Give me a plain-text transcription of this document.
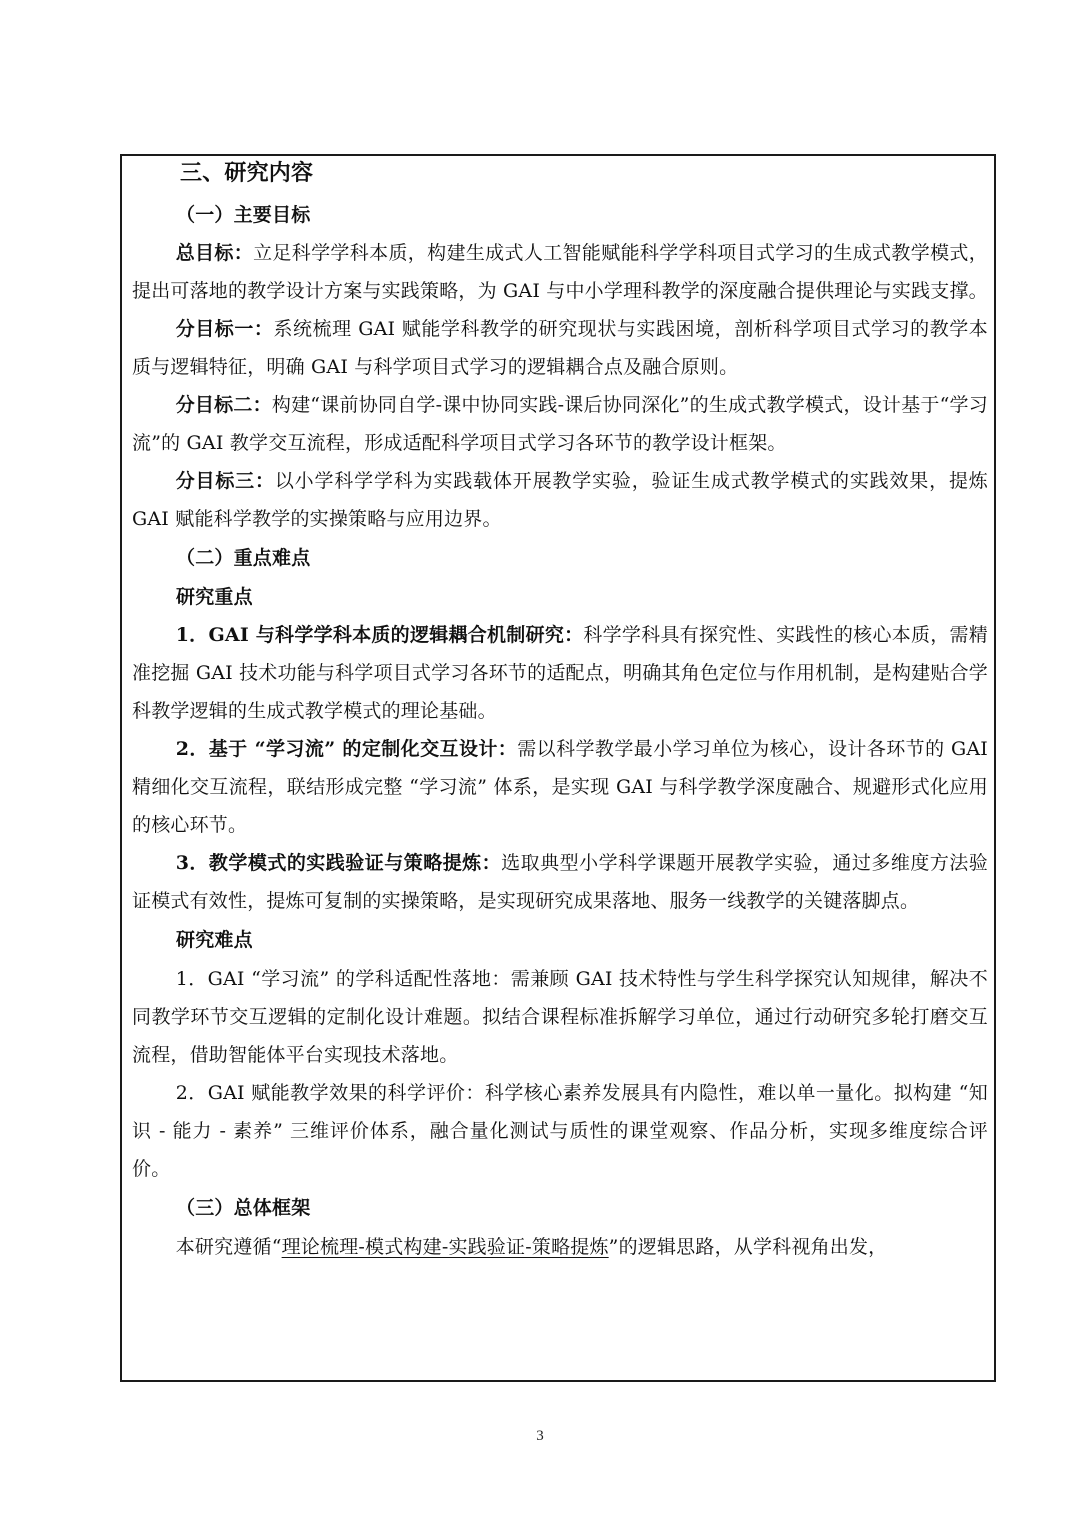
三、研究内容
（一）主要目标

总目标：立足科学学科本质，构建生成式人工智能赋能科学学科项目式学习的生成式教学模式，提出可落地的教学设计方案与实践策略，为 GAI 与中小学理科教学的深度融合提供理论与实践支撑。

分目标一：系统梳理 GAI 赋能学科教学的研究现状与实践困境，剖析科学项目式学习的教学本质与逻辑特征，明确 GAI 与科学项目式学习的逻辑耦合点及融合原则。

分目标二：构建“课前协同自学-课中协同实践-课后协同深化”的生成式教学模式，设计基于“学习流”的 GAI 教学交互流程，形成适配科学项目式学习各环节的教学设计框架。

分目标三：以小学科学学科为实践载体开展教学实验，验证生成式教学模式的实践效果，提炼 GAI 赋能科学教学的实操策略与应用边界。

（二）重点难点
研究重点

1．GAI 与科学学科本质的逻辑耦合机制研究：科学学科具有探究性、实践性的核心本质，需精准挖掘 GAI 技术功能与科学项目式学习各环节的适配点，明确其角色定位与作用机制，是构建贴合学科教学逻辑的生成式教学模式的理论基础。

2．基于 “学习流” 的定制化交互设计：需以科学教学最小学习单位为核心，设计各环节的 GAI 精细化交互流程，联结形成完整 “学习流” 体系，是实现 GAI 与科学教学深度融合、规避形式化应用的核心环节。

3．教学模式的实践验证与策略提炼：选取典型小学科学课题开展教学实验，通过多维度方法验证模式有效性，提炼可复制的实操策略，是实现研究成果落地、服务一线教学的关键落脚点。

研究难点

1．GAI “学习流” 的学科适配性落地：需兼顾 GAI 技术特性与学生科学探究认知规律，解决不同教学环节交互逻辑的定制化设计难题。拟结合课程标准拆解学习单位，通过行动研究多轮打磨交互流程，借助智能体平台实现技术落地。

2．GAI 赋能教学效果的科学评价：科学核心素养发展具有内隐性，难以单一量化。拟构建 “知识 - 能力 - 素养” 三维评价体系，融合量化测试与质性的课堂观察、作品分析，实现多维度综合评价。

（三）总体框架

本研究遵循“理论梳理-模式构建-实践验证-策略提炼”的逻辑思路，从学科视角出发，

3
